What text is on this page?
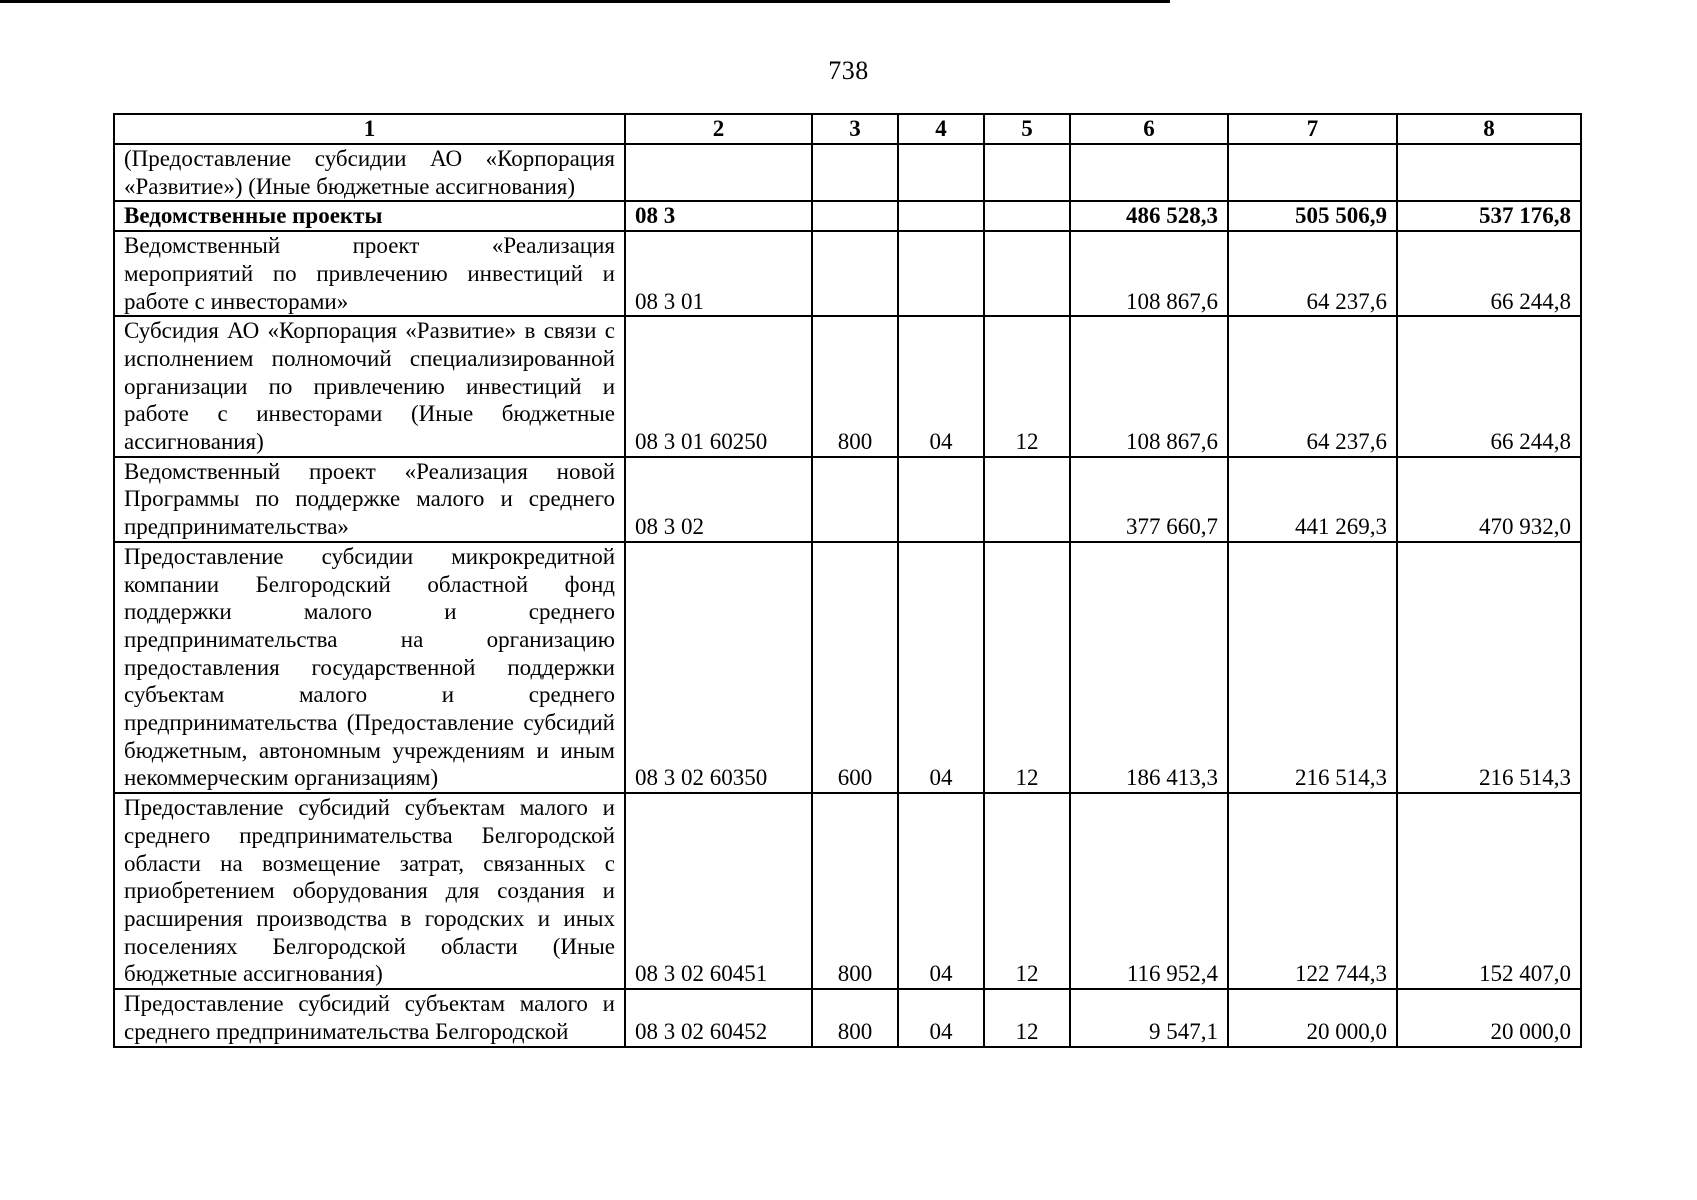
738
1	2	3	4	5	6	7	8
(Предоставление субсидии АО «Корпорация «Развитие») (Иные бюджетные ассигнования)							
Ведомственные проекты	08 3				486 528,3	505 506,9	537 176,8
Ведомственный проект «Реализация мероприятий по привлечению инвестиций и работе с инвесторами»	08 3 01				108 867,6	64 237,6	66 244,8
Субсидия АО «Корпорация «Развитие» в связи с исполнением полномочий специализированной организации по привлечению инвестиций и работе с инвесторами (Иные бюджетные ассигнования)	08 3 01 60250	800	04	12	108 867,6	64 237,6	66 244,8
Ведомственный проект «Реализация новой Программы по поддержке малого и среднего предпринимательства»	08 3 02				377 660,7	441 269,3	470 932,0
Предоставление субсидии микрокредитной компании Белгородский областной фонд поддержки малого и среднего предпринимательства на организацию предоставления государственной поддержки субъектам малого и среднего предпринимательства (Предоставление субсидий бюджетным, автономным учреждениям и иным некоммерческим организациям)	08 3 02 60350	600	04	12	186 413,3	216 514,3	216 514,3
Предоставление субсидий субъектам малого и среднего предпринимательства Белгородской области на возмещение затрат, связанных с приобретением оборудования для создания и расширения производства в городских и иных поселениях Белгородской области (Иные бюджетные ассигнования)	08 3 02 60451	800	04	12	116 952,4	122 744,3	152 407,0
Предоставление субсидий субъектам малого и среднего предпринимательства Белгородской	08 3 02 60452	800	04	12	9 547,1	20 000,0	20 000,0
